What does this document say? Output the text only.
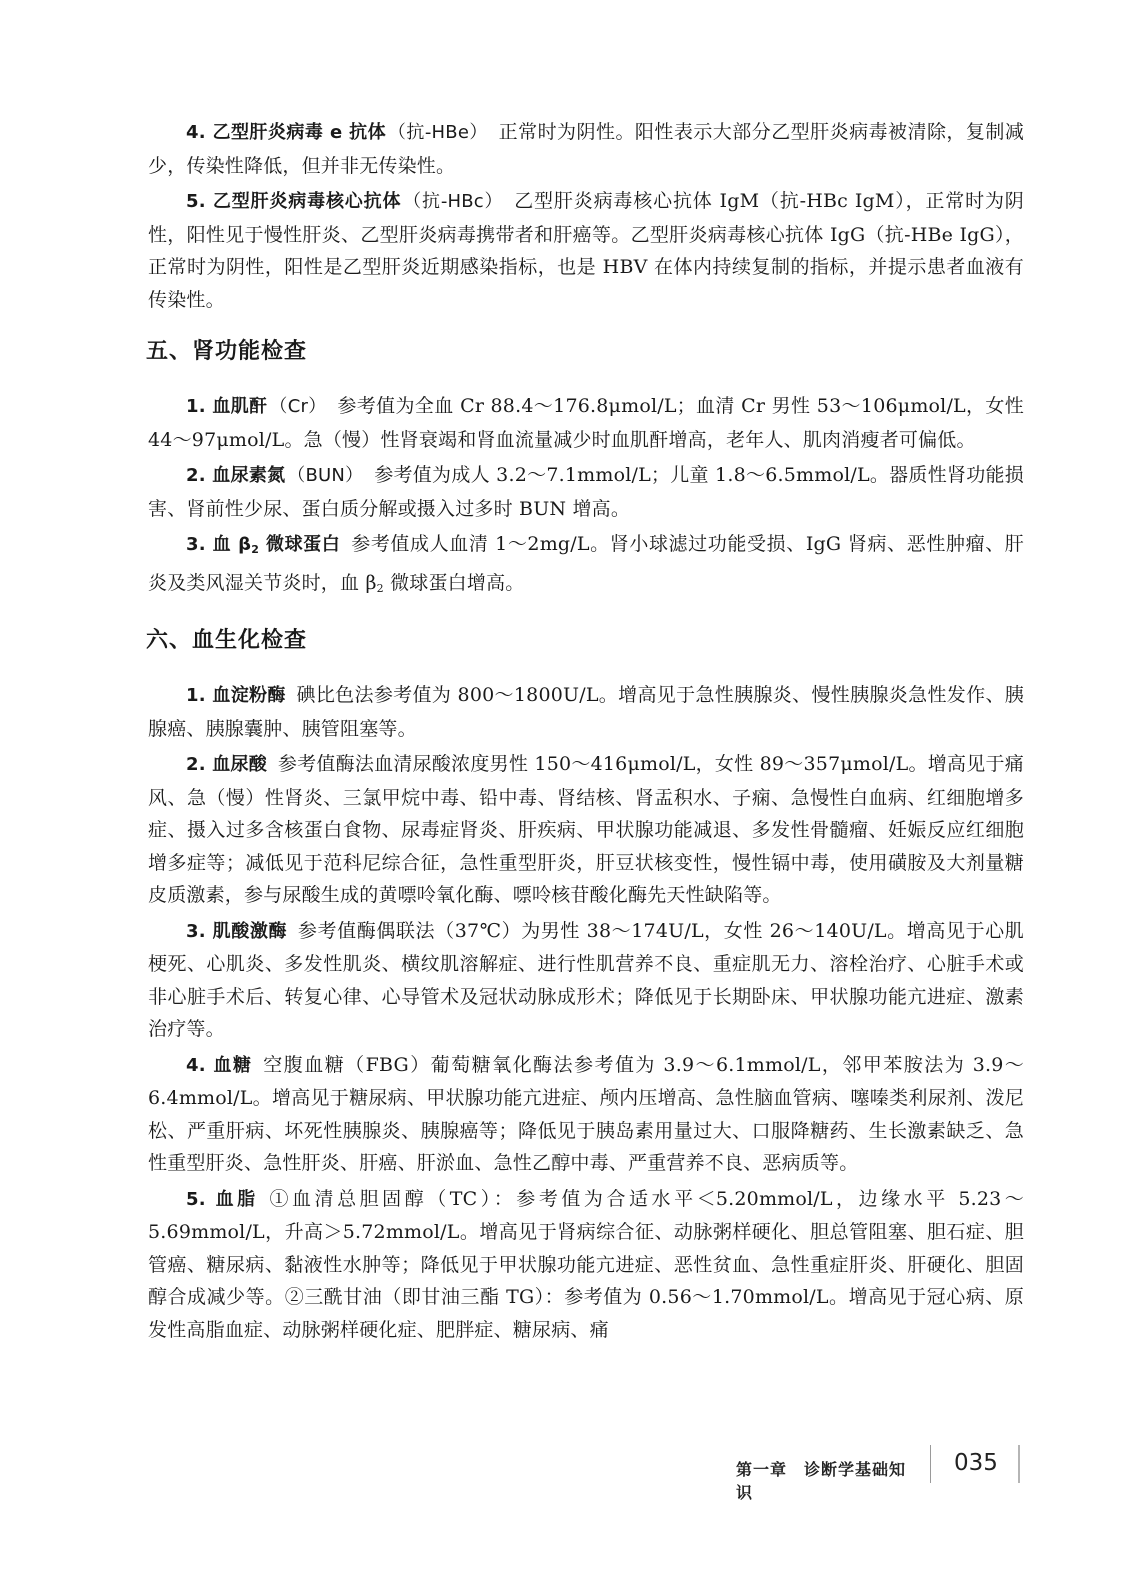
4. 乙型肝炎病毒 e 抗体（抗-HBe） 正常时为阴性。阳性表示大部分乙型肝炎病毒被清除，复制减少，传染性降低，但并非无传染性。

5. 乙型肝炎病毒核心抗体（抗-HBc） 乙型肝炎病毒核心抗体 IgM（抗-HBc IgM），正常时为阴性，阳性见于慢性肝炎、乙型肝炎病毒携带者和肝癌等。乙型肝炎病毒核心抗体 IgG（抗-HBe IgG），正常时为阴性，阳性是乙型肝炎近期感染指标，也是 HBV 在体内持续复制的指标，并提示患者血液有传染性。

五、肾功能检查

1. 血肌酐（Cr） 参考值为全血 Cr 88.4～176.8μmol/L；血清 Cr 男性 53～106μmol/L，女性 44～97μmol/L。急（慢）性肾衰竭和肾血流量减少时血肌酐增高，老年人、肌肉消瘦者可偏低。

2. 血尿素氮（BUN） 参考值为成人 3.2～7.1mmol/L；儿童 1.8～6.5mmol/L。器质性肾功能损害、肾前性少尿、蛋白质分解或摄入过多时 BUN 增高。

3. 血 $\beta_2$ 微球蛋白 参考值成人血清 1～2mg/L。肾小球滤过功能受损、IgG 肾病、恶性肿瘤、肝炎及类风湿关节炎时，血 $\beta_2$ 微球蛋白增高。

六、血生化检查

1. 血淀粉酶 碘比色法参考值为 800～1800U/L。增高见于急性胰腺炎、慢性胰腺炎急性发作、胰腺癌、胰腺囊肿、胰管阻塞等。

2. 血尿酸 参考值酶法血清尿酸浓度男性 150～416μmol/L，女性 89～357μmol/L。增高见于痛风、急（慢）性肾炎、三氯甲烷中毒、铅中毒、肾结核、肾盂积水、子痫、急慢性白血病、红细胞增多症、摄入过多含核蛋白食物、尿毒症肾炎、肝疾病、甲状腺功能减退、多发性骨髓瘤、妊娠反应红细胞增多症等；减低见于范科尼综合征，急性重型肝炎，肝豆状核变性，慢性镉中毒，使用磺胺及大剂量糖皮质激素，参与尿酸生成的黄嘌呤氧化酶、嘌呤核苷酸化酶先天性缺陷等。

3. 肌酸激酶 参考值酶偶联法（37℃）为男性 38～174U/L，女性 26～140U/L。增高见于心肌梗死、心肌炎、多发性肌炎、横纹肌溶解症、进行性肌营养不良、重症肌无力、溶栓治疗、心脏手术或非心脏手术后、转复心律、心导管术及冠状动脉成形术；降低见于长期卧床、甲状腺功能亢进症、激素治疗等。

4. 血糖 空腹血糖（FBG）葡萄糖氧化酶法参考值为 3.9～6.1mmol/L，邻甲苯胺法为 3.9～6.4mmol/L。增高见于糖尿病、甲状腺功能亢进症、颅内压增高、急性脑血管病、噻嗪类利尿剂、泼尼松、严重肝病、坏死性胰腺炎、胰腺癌等；降低见于胰岛素用量过大、口服降糖药、生长激素缺乏、急性重型肝炎、急性肝炎、肝癌、肝淤血、急性乙醇中毒、严重营养不良、恶病质等。

5. 血脂 ①血清总胆固醇（TC）：参考值为合适水平＜5.20mmol/L，边缘水平 5.23～5.69mmol/L，升高＞5.72mmol/L。增高见于肾病综合征、动脉粥样硬化、胆总管阻塞、胆石症、胆管癌、糖尿病、黏液性水肿等；降低见于甲状腺功能亢进症、恶性贫血、急性重症肝炎、肝硬化、胆固醇合成减少等。②三酰甘油（即甘油三酯 TG）：参考值为 0.56～1.70mmol/L。增高见于冠心病、原发性高脂血症、动脉粥样硬化症、肥胖症、糖尿病、痛

第一章　诊断学基础知识
035
